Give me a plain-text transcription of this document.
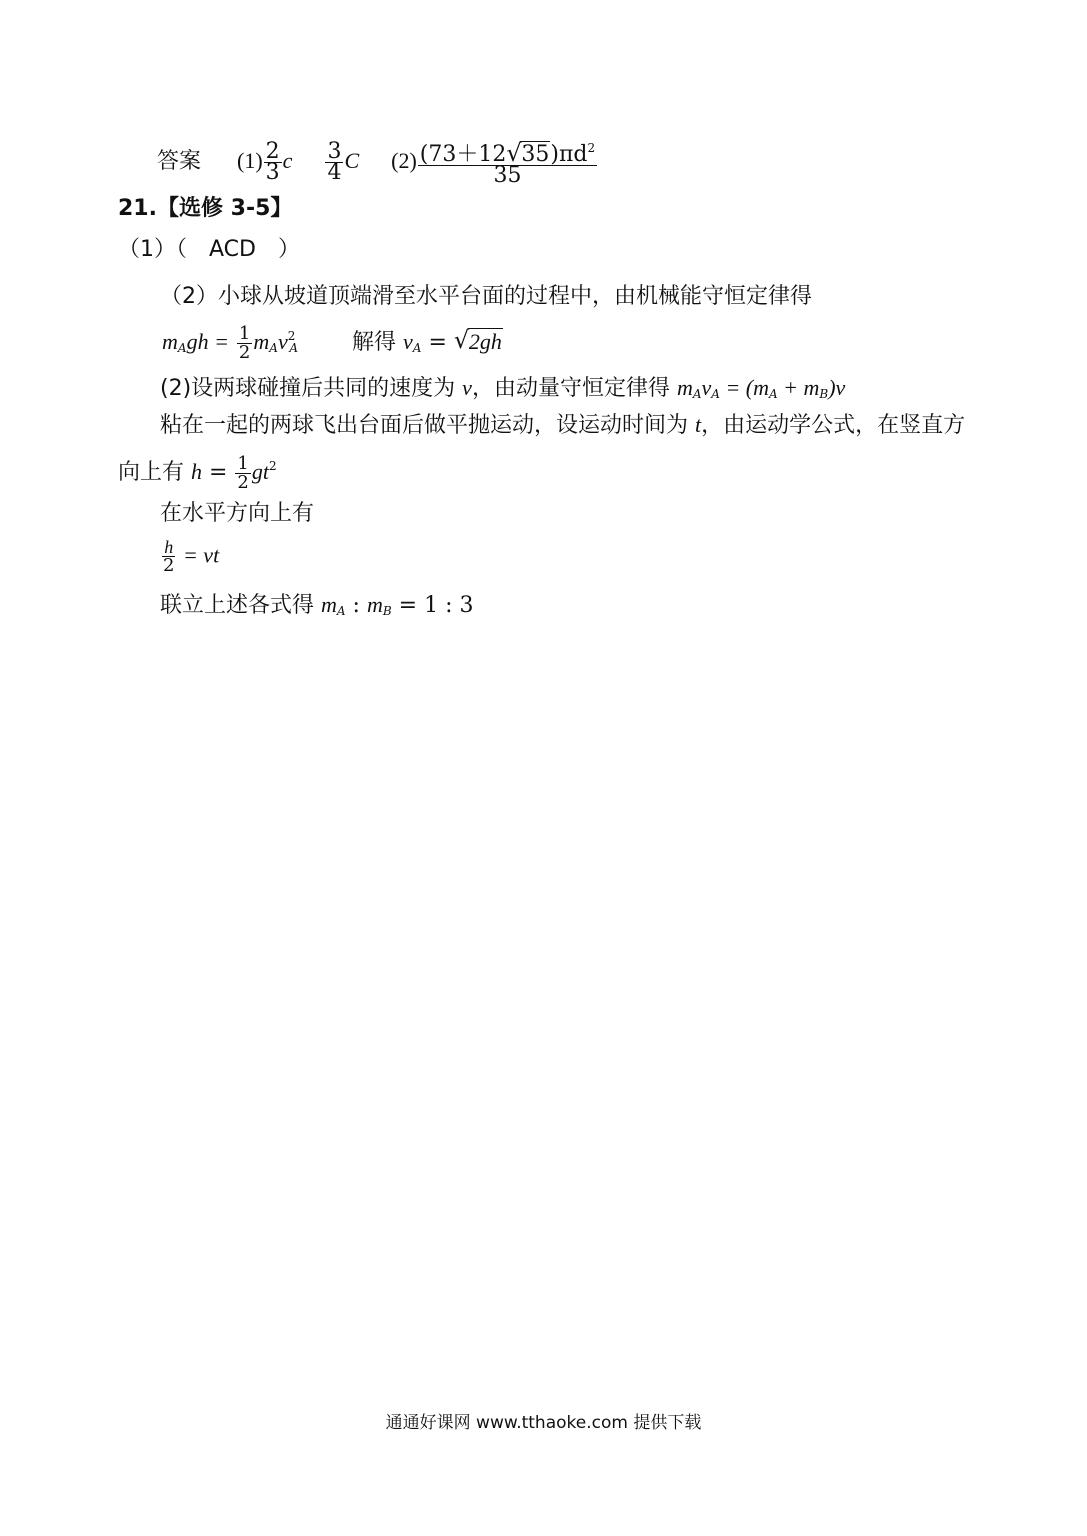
答案 $(1) \frac{2}{3}$ c $\frac{3}{4}$ C $(2) \frac{(73+12√ 35)\pi d^2}{35}$
21.【选修 3-5】
（1）（　ACD　）
（2）小球从坡道顶端滑至水平台面的过程中，由机械能守恒定律得
$m_Agh = \frac{1}{2} m_Av^2_A$ 解得 $v_A$ = √ 2gh
(2)设两球碰撞后共同的速度为 v，由动量守恒定律得 $m_Av_A = (m_A + m_B)v$
粘在一起的两球飞出台面后做平抛运动，设运动时间为 t，由运动学公式，在竖直方
向上有 $h = \frac{1}{2} gt^2$
在水平方向上有
$\frac{h}{2}$ = vt
联立上述各式得 $m_A$ : $m_B = 1$ : 3
通通好课网 www.tthaoke.com 提供下载
